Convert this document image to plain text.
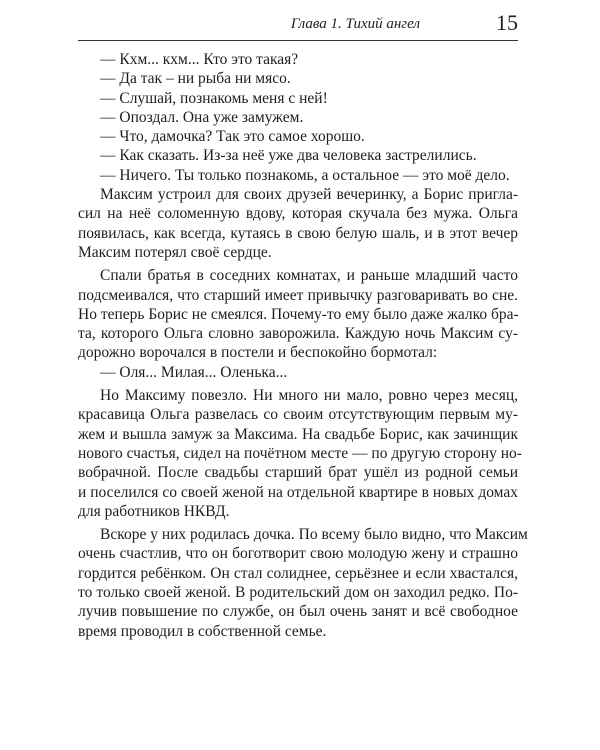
Глава 1. Тихий ангел	15
— Кхм... кхм... Кто это такая?
— Да так – ни рыба ни мясо.
— Слушай, познакомь меня с ней!
— Опоздал. Она уже замужем.
— Что, дамочка? Так это самое хорошо.
— Как сказать. Из-за неё уже два человека застрелились.
— Ничего. Ты только познакомь, а остальное — это моё дело.
Максим устроил для своих друзей вечеринку, а Борис пригла-
сил на неё соломенную вдову, которая скучала без мужа. Ольга
появилась, как всегда, кутаясь в свою белую шаль, и в этот вечер
Максим потерял своё сердце.
Спали братья в соседних комнатах, и раньше младший часто
подсмеивался, что старший имеет привычку разговаривать во сне.
Но теперь Борис не смеялся. Почему-то ему было даже жалко бра-
та, которого Ольга словно заворожила. Каждую ночь Максим су-
дорожно ворочался в постели и беспокойно бормотал:
— Оля... Милая... Оленька...
Но Максиму повезло. Ни много ни мало, ровно через месяц,
красавица Ольга развелась со своим отсутствующим первым му-
жем и вышла замуж за Максима. На свадьбе Борис, как зачинщик
нового счастья, сидел на почётном месте — по другую сторону но-
вобрачной. После свадьбы старший брат ушёл из родной семьи
и поселился со своей женой на отдельной квартире в новых домах
для работников НКВД.
Вскоре у них родилась дочка. По всему было видно, что Максим
очень счастлив, что он боготворит свою молодую жену и страшно
гордится ребёнком. Он стал солиднее, серьёзнее и если хвастался,
то только своей женой. В родительский дом он заходил редко. По-
лучив повышение по службе, он был очень занят и всё свободное
время проводил в собственной семье.
